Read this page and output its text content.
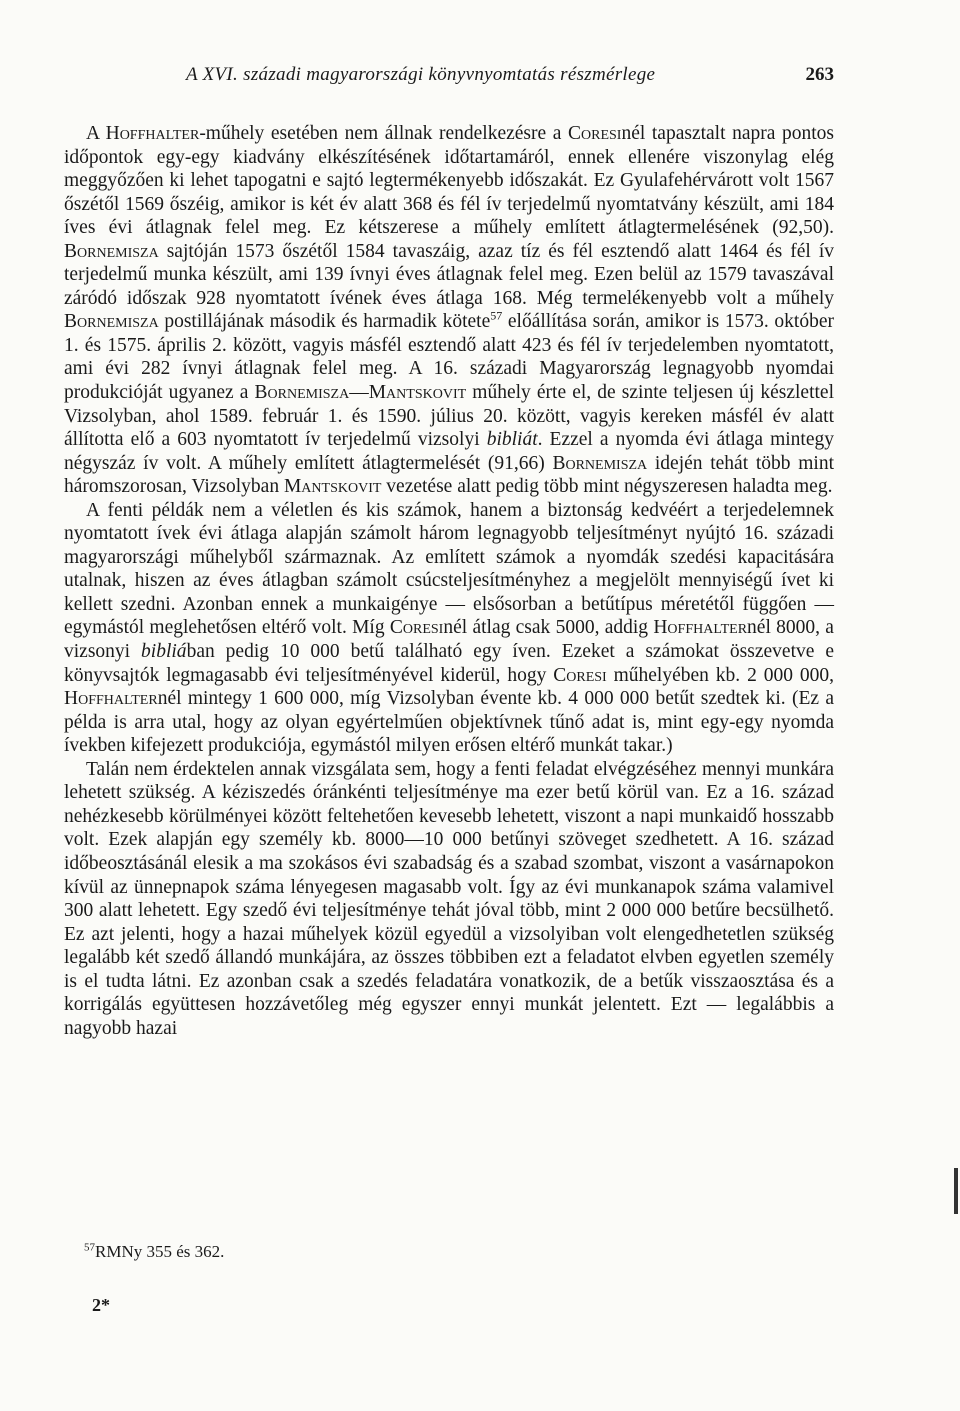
A XVI. századi magyarországi könyvnyomtatás részmérlege	263

A Hoffhalter-műhely esetében nem állnak rendelkezésre a Coresinél tapasztalt napra pontos időpontok egy-egy kiadvány elkészítésének időtartamáról, ennek ellenére viszonylag elég meggyőzően ki lehet tapogatni e sajtó legtermékenyebb időszakát. Ez Gyulafehérvárott volt 1567 őszétől 1569 őszéig, amikor is két év alatt 368 és fél ív terjedelmű nyomtatvány készült, ami 184 íves évi átlagnak felel meg. Ez kétszerese a műhely említett átlagtermelésének (92,50). Bornemisza sajtóján 1573 őszétől 1584 tavaszáig, azaz tíz és fél esztendő alatt 1464 és fél ív terjedelmű munka készült, ami 139 ívnyi éves átlagnak felel meg. Ezen belül az 1579 tavaszával záródó időszak 928 nyomtatott ívének éves átlaga 168. Még termelékenyebb volt a műhely Bornemisza postillájának második és harmadik kötete$^{57}$ előállítása során, amikor is 1573. október 1. és 1575. április 2. között, vagyis másfél esztendő alatt 423 és fél ív terjedelemben nyomtatott, ami évi 282 ívnyi átlagnak felel meg. A 16. századi Magyarország legnagyobb nyomdai produkcióját ugyanez a Bornemisza—Mantskovit műhely érte el, de szinte teljesen új készlettel Vizsolyban, ahol 1589. február 1. és 1590. július 20. között, vagyis kereken másfél év alatt állította elő a 603 nyomtatott ív terjedelmű vizsolyi bibliát. Ezzel a nyomda évi átlaga mintegy négyszáz ív volt. A műhely említett átlagtermelését (91,66) Bornemisza idején tehát több mint háromszorosan, Vizsolyban Mantskovit vezetése alatt pedig több mint négyszeresen haladta meg.

A fenti példák nem a véletlen és kis számok, hanem a biztonság kedvéért a terjedelemnek nyomtatott ívek évi átlaga alapján számolt három legnagyobb teljesítményt nyújtó 16. századi magyarországi műhelyből származnak. Az említett számok a nyomdák szedési kapacitására utalnak, hiszen az éves átlagban számolt csúcsteljesítményhez a megjelölt mennyiségű ívet ki kellett szedni. Azonban ennek a munkaigénye — elsősorban a betűtípus méretétől függően — egymástól meglehetősen eltérő volt. Míg Coresinél átlag csak 5000, addig Hoffhalternél 8000, a vizsonyi bibliában pedig 10 000 betű található egy íven. Ezeket a számokat összevetve e könyvsajtók legmagasabb évi teljesítményével kiderül, hogy Coresi műhelyében kb. 2 000 000, Hoffhalternél mintegy 1 600 000, míg Vizsolyban évente kb. 4 000 000 betűt szedtek ki. (Ez a példa is arra utal, hogy az olyan egyértelműen objektívnek tűnő adat is, mint egy-egy nyomda ívekben kifejezett produkciója, egymástól milyen erősen eltérő munkát takar.)

Talán nem érdektelen annak vizsgálata sem, hogy a fenti feladat elvégzéséhez mennyi munkára lehetett szükség. A kéziszedés óránkénti teljesítménye ma ezer betű körül van. Ez a 16. század nehézkesebb körülményei között feltehetően kevesebb lehetett, viszont a napi munkaidő hosszabb volt. Ezek alapján egy személy kb. 8000—10 000 betűnyi szöveget szedhetett. A 16. század időbeosztásánál elesik a ma szokásos évi szabadság és a szabad szombat, viszont a vasárnapokon kívül az ünnepnapok száma lényegesen magasabb volt. Így az évi munkanapok száma valamivel 300 alatt lehetett. Egy szedő évi teljesítménye tehát jóval több, mint 2 000 000 betűre becsülhető. Ez azt jelenti, hogy a hazai műhelyek közül egyedül a vizsolyiban volt elengedhetetlen szükség legalább két szedő állandó munkájára, az összes többiben ezt a feladatot elvben egyetlen személy is el tudta látni. Ez azonban csak a szedés feladatára vonatkozik, de a betűk visszaosztása és a korrigálás együttesen hozzávetőleg még egyszer ennyi munkát jelentett. Ezt — legalábbis a nagyobb hazai

$^{57}$RMNy 355 és 362.
2*
